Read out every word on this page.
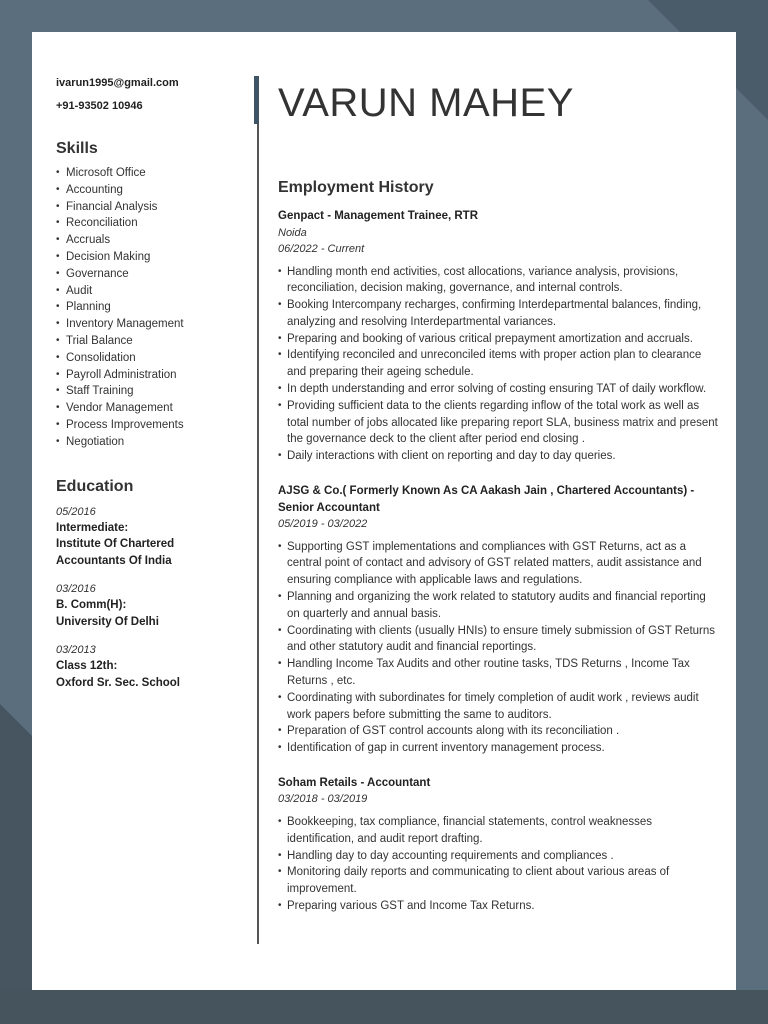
ivarun1995@gmail.com
+91-93502 10946
Skills
• Microsoft Office
• Accounting
• Financial Analysis
• Reconciliation
• Accruals
• Decision Making
• Governance
• Audit
• Planning
• Inventory Management
• Trial Balance
• Consolidation
• Payroll Administration
• Staff Training
• Vendor Management
• Process Improvements
• Negotiation
Education
05/2016
Intermediate:
Institute Of Chartered Accountants Of India
03/2016
B. Comm(H):
University Of Delhi
03/2013
Class 12th:
Oxford Sr. Sec. School
VARUN MAHEY
Employment History
Genpact - Management Trainee, RTR
Noida
06/2022 - Current
• Handling month end activities, cost allocations, variance analysis, provisions, reconciliation, decision making, governance, and internal controls.
• Booking Intercompany recharges, confirming Interdepartmental balances, finding, analyzing and resolving Interdepartmental variances.
• Preparing and booking of various critical prepayment amortization and accruals.
• Identifying reconciled and unreconciled items with proper action plan to clearance and preparing their ageing schedule.
• In depth understanding and error solving of costing ensuring TAT of daily workflow.
• Providing sufficient data to the clients regarding inflow of the total work as well as total number of jobs allocated like preparing report SLA, business matrix and present the governance deck to the client after period end closing .
• Daily interactions with client on reporting and day to day queries.
AJSG & Co.( Formerly Known As CA Aakash Jain , Chartered Accountants) - Senior Accountant
05/2019 - 03/2022
• Supporting GST implementations and compliances with GST Returns, act as a central point of contact and advisory of GST related matters, audit assistance and ensuring compliance with applicable laws and regulations.
• Planning and organizing the work related to statutory audits and financial reporting on quarterly and annual basis.
• Coordinating with clients (usually HNIs) to ensure timely submission of GST Returns and other statutory audit and financial reportings.
• Handling Income Tax Audits and other routine tasks, TDS Returns , Income Tax Returns , etc.
• Coordinating with subordinates for timely completion of audit work , reviews audit work papers before submitting the same to auditors.
• Preparation of GST control accounts along with its reconciliation .
• Identification of gap in current inventory management process.
Soham Retails - Accountant
03/2018 - 03/2019
• Bookkeeping, tax compliance, financial statements, control weaknesses identification, and audit report drafting.
• Handling day to day accounting requirements and compliances .
• Monitoring daily reports and communicating to client about various areas of improvement.
• Preparing various GST and Income Tax Returns.
